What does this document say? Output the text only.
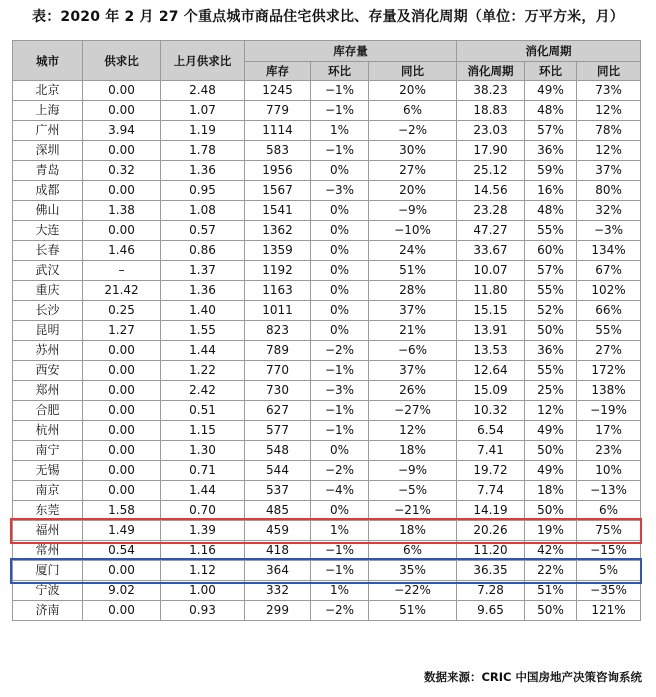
表：2020 年 2 月 27 个重点城市商品住宅供求比、存量及消化周期（单位：万平方米，月）
城市	供求比	上月供求比	库存量			消化周期		
			库存	环比	同比	消化周期	环比	同比
北京	0.00	2.48	1245	−1%	20%	38.23	49%	73%
上海	0.00	1.07	779	−1%	6%	18.83	48%	12%
广州	3.94	1.19	1114	1%	−2%	23.03	57%	78%
深圳	0.00	1.78	583	−1%	30%	17.90	36%	12%
青岛	0.32	1.36	1956	0%	27%	25.12	59%	37%
成都	0.00	0.95	1567	−3%	20%	14.56	16%	80%
佛山	1.38	1.08	1541	0%	−9%	23.28	48%	32%
大连	0.00	0.57	1362	0%	−10%	47.27	55%	−3%
长春	1.46	0.86	1359	0%	24%	33.67	60%	134%
武汉	–	1.37	1192	0%	51%	10.07	57%	67%
重庆	21.42	1.36	1163	0%	28%	11.80	55%	102%
长沙	0.25	1.40	1011	0%	37%	15.15	52%	66%
昆明	1.27	1.55	823	0%	21%	13.91	50%	55%
苏州	0.00	1.44	789	−2%	−6%	13.53	36%	27%
西安	0.00	1.22	770	−1%	37%	12.64	55%	172%
郑州	0.00	2.42	730	−3%	26%	15.09	25%	138%
合肥	0.00	0.51	627	−1%	−27%	10.32	12%	−19%
杭州	0.00	1.15	577	−1%	12%	6.54	49%	17%
南宁	0.00	1.30	548	0%	18%	7.41	50%	23%
无锡	0.00	0.71	544	−2%	−9%	19.72	49%	10%
南京	0.00	1.44	537	−4%	−5%	7.74	18%	−13%
东莞	1.58	0.70	485	0%	−21%	14.19	50%	6%
福州	1.49	1.39	459	1%	18%	20.26	19%	75%
常州	0.54	1.16	418	−1%	6%	11.20	42%	−15%
厦门	0.00	1.12	364	−1%	35%	36.35	22%	5%
宁波	9.02	1.00	332	1%	−22%	7.28	51%	−35%
济南	0.00	0.93	299	−2%	51%	9.65	50%	121%
数据来源：CRIC 中国房地产决策咨询系统
